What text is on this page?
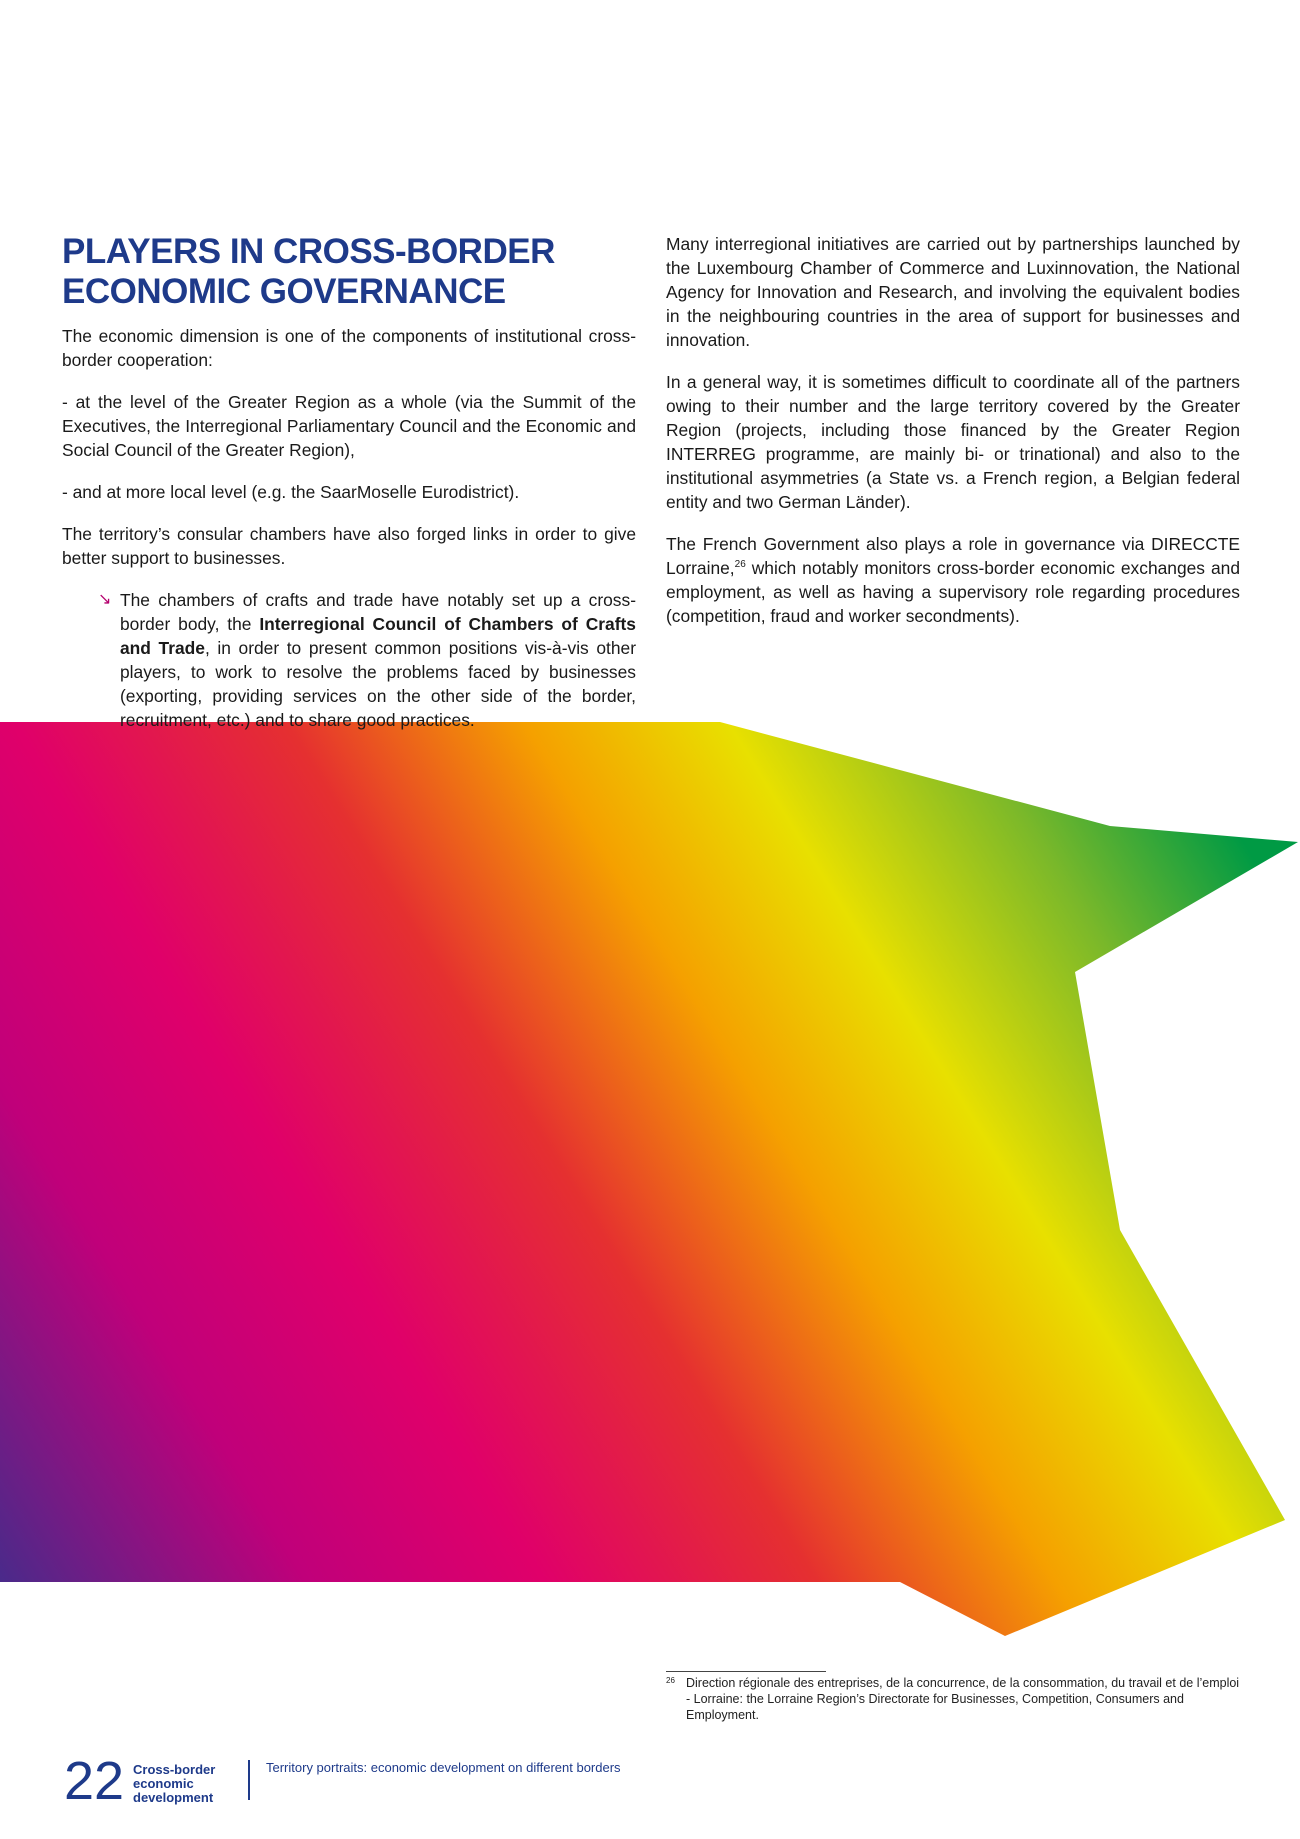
PLAYERS IN CROSS-BORDER ECONOMIC GOVERNANCE

The economic dimension is one of the components of institutional cross-border cooperation:

- at the level of the Greater Region as a whole (via the Summit of the Executives, the Interregional Parliamentary Council and the Economic and Social Council of the Greater Region),

- and at more local level (e.g. the SaarMoselle Eurodistrict).

The territory’s consular chambers have also forged links in order to give better support to businesses.

↘ The chambers of crafts and trade have notably set up a cross-border body, the Interregional Council of Chambers of Crafts and Trade, in order to present common positions vis-à-vis other players, to work to resolve the problems faced by businesses (exporting, providing services on the other side of the border, recruitment, etc.) and to share good practices.

Many interregional initiatives are carried out by partnerships launched by the Luxembourg Chamber of Commerce and Luxinnovation, the National Agency for Innovation and Research, and involving the equivalent bodies in the neighbouring countries in the area of support for businesses and innovation.

In a general way, it is sometimes difficult to coordinate all of the partners owing to their number and the large territory covered by the Greater Region (projects, including those financed by the Greater Region INTERREG programme, are mainly bi- or trinational) and also to the institutional asymmetries (a State vs. a French region, a Belgian federal entity and two German Länder).

The French Government also plays a role in governance via DIRECCTE Lorraine,$^{26}$ which notably monitors cross-border economic exchanges and employment, as well as having a supervisory role regarding procedures (competition, fraud and worker secondments).

26 Direction régionale des entreprises, de la concurrence, de la consommation, du travail et de l’emploi - Lorraine: the Lorraine Region’s Directorate for Businesses, Competition, Consumers and Employment.
22 Cross-border
economic
development
Territory portraits: economic development on different borders
